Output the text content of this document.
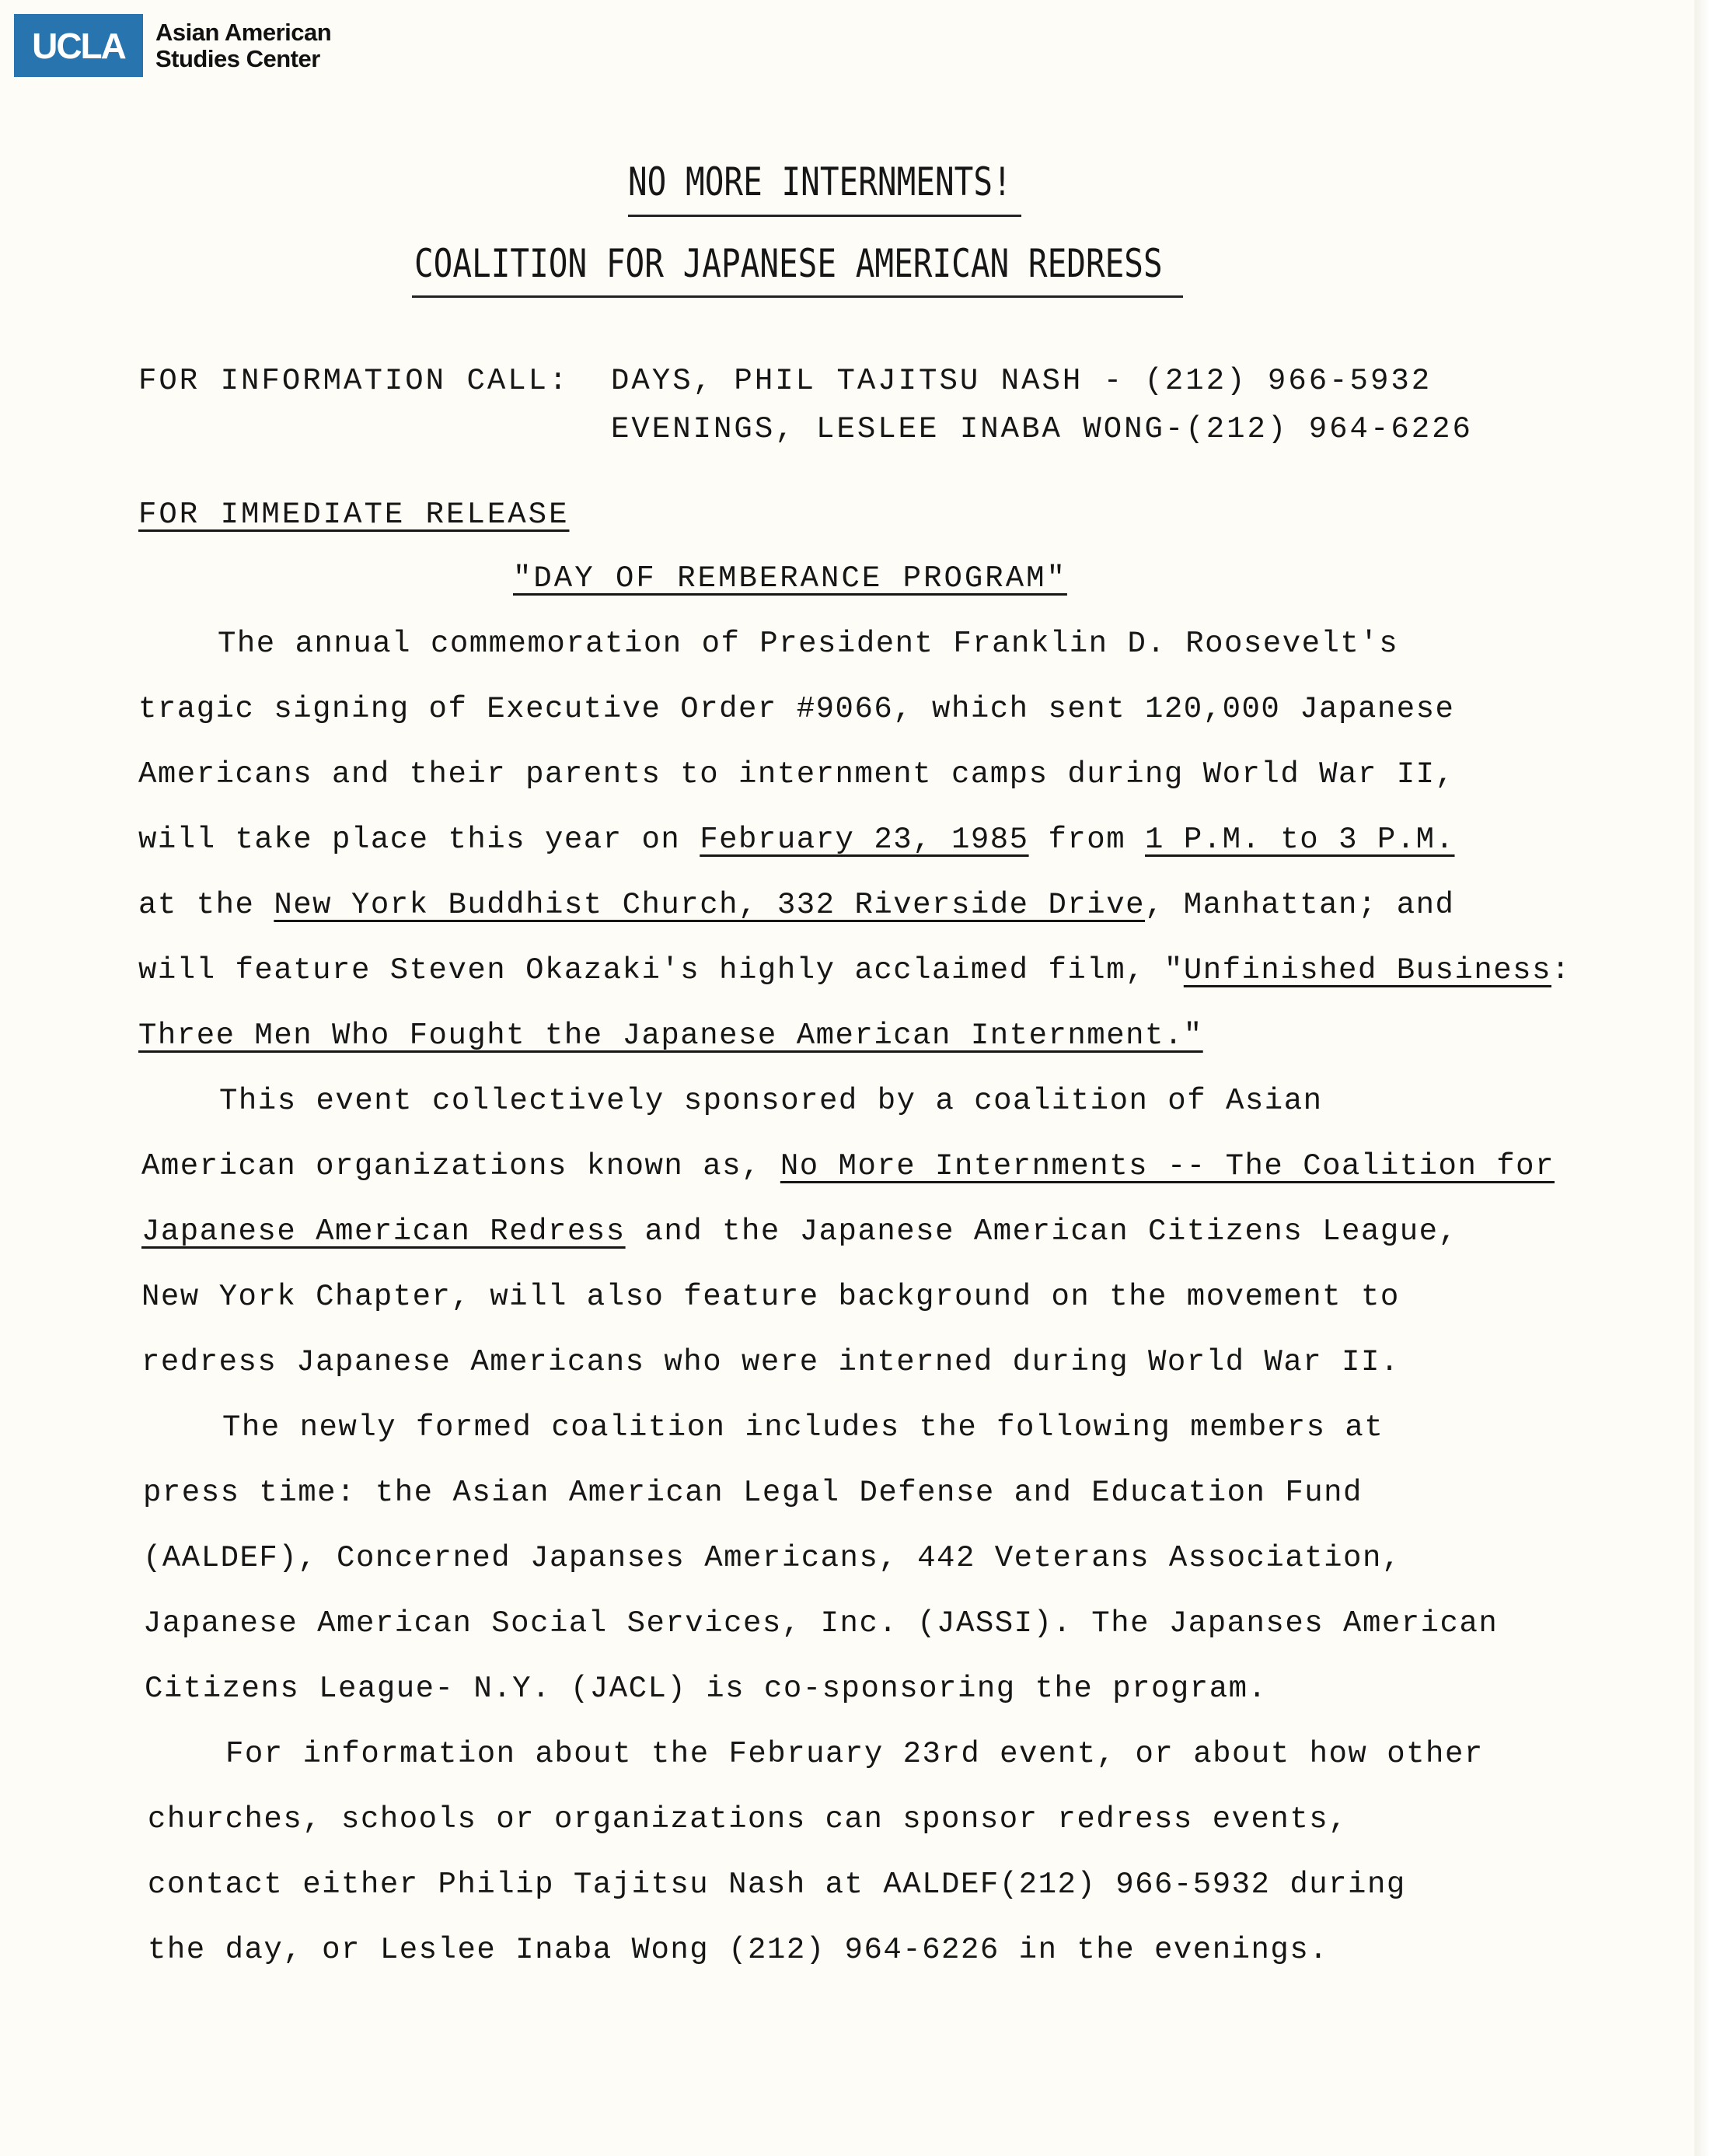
UCLA	Asian American
Studies Center
NO MORE INTERNMENTS!
COALITION FOR JAPANESE AMERICAN REDRESS
FOR INFORMATION CALL: DAYS, PHIL TAJITSU NASH - (212) 966-5932
EVENINGS, LESLEE INABA WONG-(212) 964-6226
FOR IMMEDIATE RELEASE
"DAY OF REMBERANCE PROGRAM"
The annual commemoration of President Franklin D. Roosevelt's
tragic signing of Executive Order #9066, which sent 120,000 Japanese
Americans and their parents to internment camps during World War II,
will take place this year on February 23, 1985 from 1 P.M. to 3 P.M.
at the New York Buddhist Church, 332 Riverside Drive, Manhattan; and
will feature Steven Okazaki's highly acclaimed film, "Unfinished Business:
Three Men Who Fought the Japanese American Internment."
This event collectively sponsored by a coalition of Asian
American organizations known as, No More Internments -- The Coalition for
Japanese American Redress and the Japanese American Citizens League,
New York Chapter, will also feature background on the movement to
redress Japanese Americans who were interned during World War II.
The newly formed coalition includes the following members at
press time: the Asian American Legal Defense and Education Fund
(AALDEF), Concerned Japanses Americans, 442 Veterans Association,
Japanese American Social Services, Inc. (JASSI). The Japanses American
Citizens League- N.Y. (JACL) is co-sponsoring the program.
For information about the February 23rd event, or about how other
churches, schools or organizations can sponsor redress events,
contact either Philip Tajitsu Nash at AALDEF(212) 966-5932 during
the day, or Leslee Inaba Wong (212) 964-6226 in the evenings.
